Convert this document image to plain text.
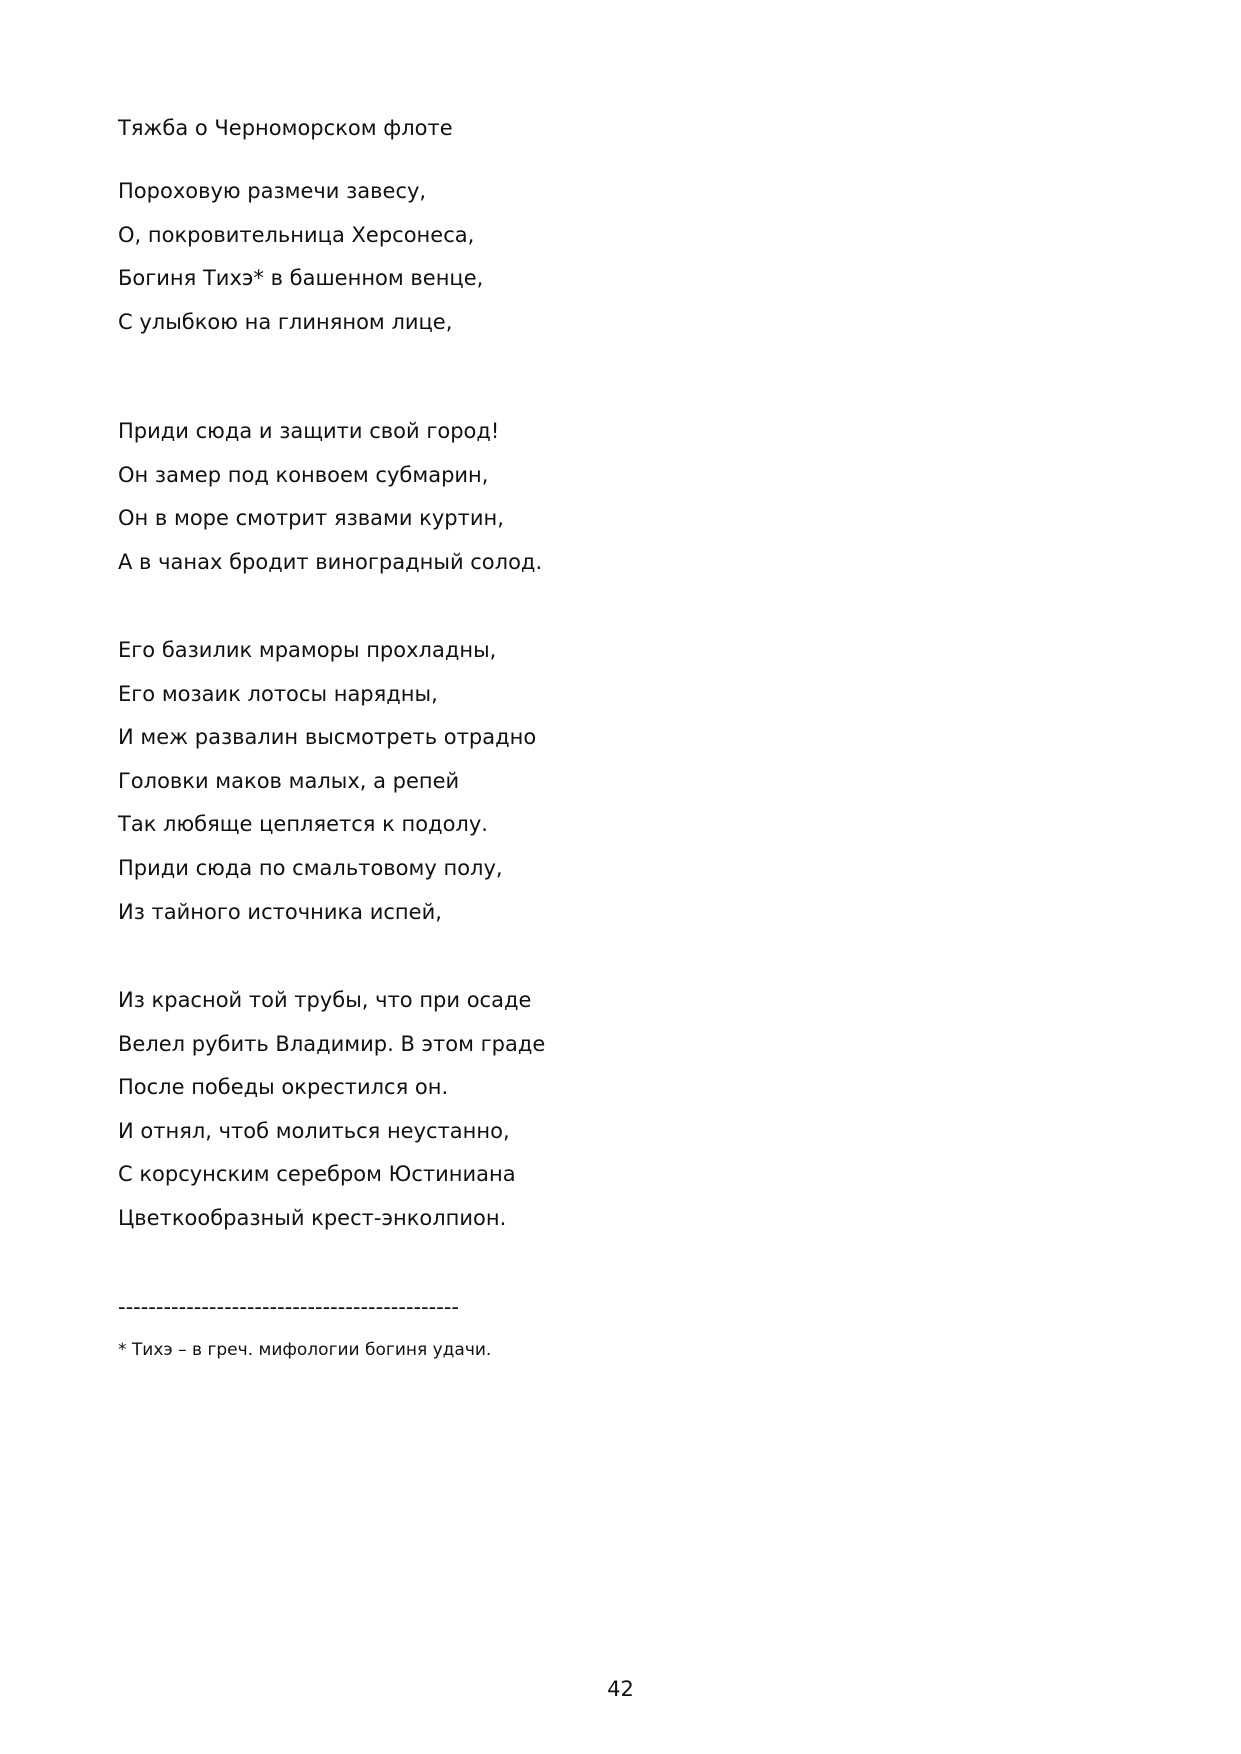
Тяжба о Черноморском флоте
Пороховую размечи завесу,
О, покровительница Херсонеса,
Богиня Тихэ* в башенном венце,
С улыбкою на глиняном лице,
Приди сюда и защити свой город!
Он замер под конвоем субмарин,
Он в море смотрит язвами куртин,
А в чанах бродит виноградный солод.
Его базилик мраморы прохладны,
Его мозаик лотосы нарядны,
И меж развалин высмотреть отрадно
Головки маков малых, а репей
Так любяще цепляется к подолу.
Приди сюда по смальтовому полу,
Из тайного источника испей,
Из красной той трубы, что при осаде
Велел рубить Владимир. В этом граде
После победы окрестился он.
И отнял, чтоб молиться неустанно,
С корсунским серебром Юстиниана
Цветкообразный крест-энколпион.
---------------------------------------------
* Тихэ – в греч. мифологии богиня удачи.
42
